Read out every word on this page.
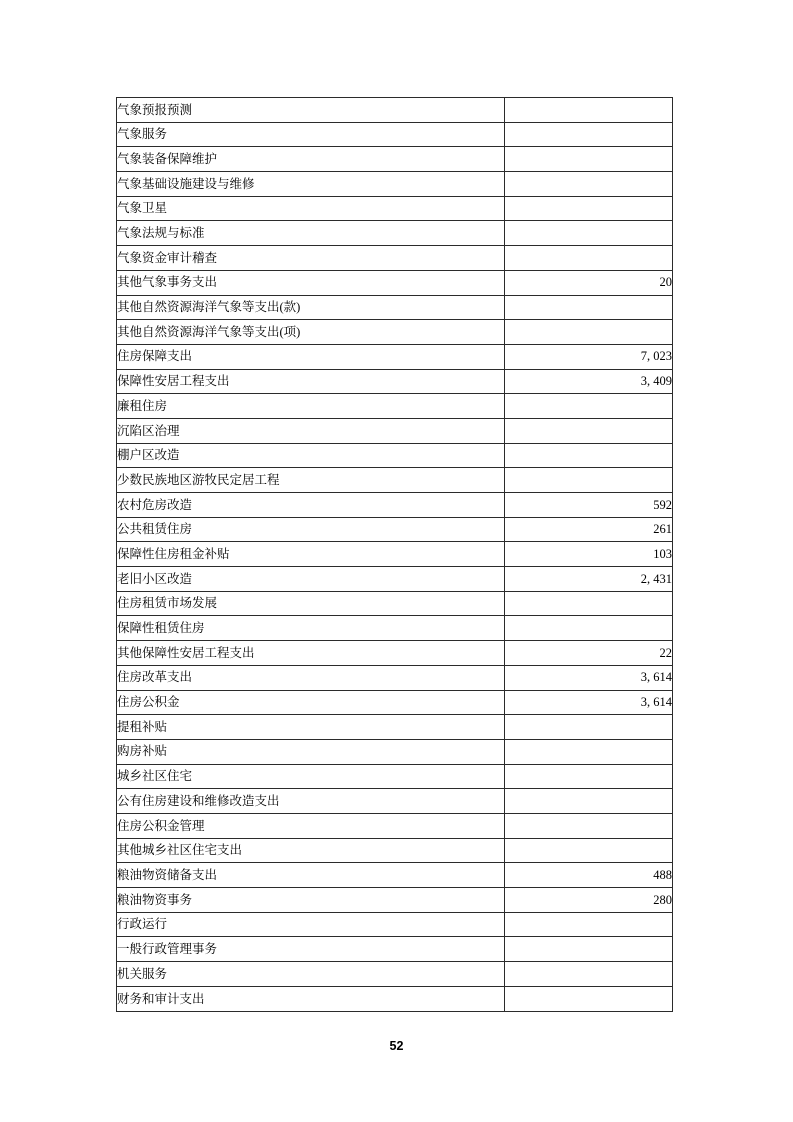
气象预报预测	
气象服务	
气象装备保障维护	
气象基础设施建设与维修	
气象卫星	
气象法规与标准	
气象资金审计稽查	
其他气象事务支出	20
其他自然资源海洋气象等支出(款)	
其他自然资源海洋气象等支出(项)	
住房保障支出	7, 023
保障性安居工程支出	3, 409
廉租住房	
沉陷区治理	
棚户区改造	
少数民族地区游牧民定居工程	
农村危房改造	592
公共租赁住房	261
保障性住房租金补贴	103
老旧小区改造	2, 431
住房租赁市场发展	
保障性租赁住房	
其他保障性安居工程支出	22
住房改革支出	3, 614
住房公积金	3, 614
提租补贴	
购房补贴	
城乡社区住宅	
公有住房建设和维修改造支出	
住房公积金管理	
其他城乡社区住宅支出	
粮油物资储备支出	488
粮油物资事务	280
行政运行	
一般行政管理事务	
机关服务	
财务和审计支出	
52
